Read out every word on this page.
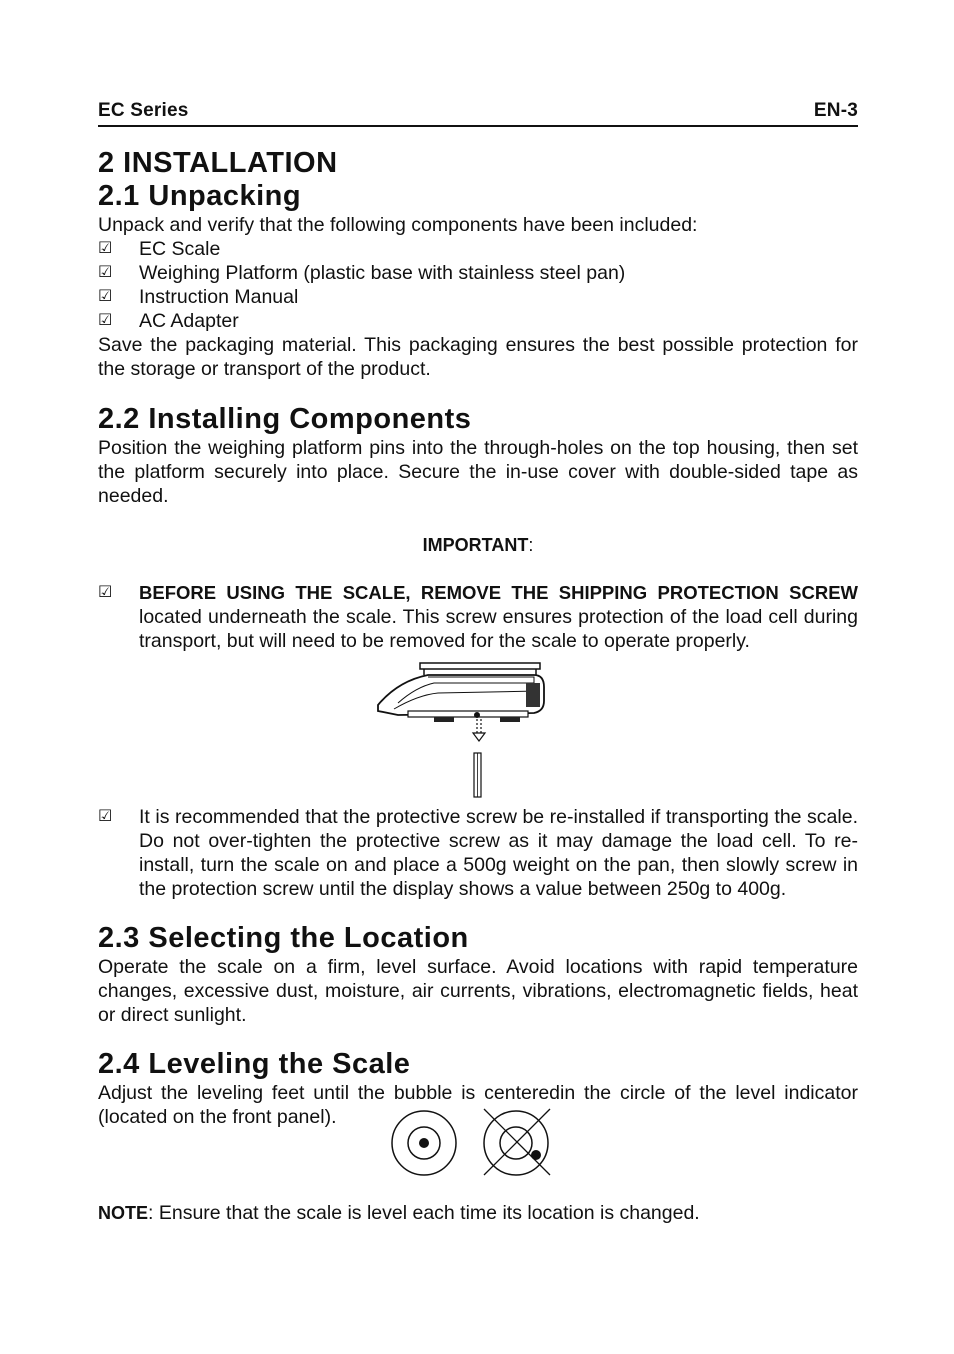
EC Series	EN-3
2 INSTALLATION
2.1 Unpacking

Unpack and verify that the following components have been included:

☑	EC Scale
☑	Weighing Platform (plastic base with stainless steel pan)
☑	Instruction Manual
☑	AC Adapter

Save the packaging material. This packaging ensures the best possible protection for the storage or transport of the product.

2.2 Installing Components

Position the weighing platform pins into the through-holes on the top housing, then set the platform securely into place. Secure the in-use cover with double-sided tape as needed.

IMPORTANT:
☑	BEFORE USING THE SCALE, REMOVE THE SHIPPING PROTECTION SCREW located underneath the scale. This screw ensures protection of the load cell during transport, but will need to be removed for the scale to operate properly.
☑	It is recommended that the protective screw be re-installed if transporting the scale. Do not over-tighten the protective screw as it may damage the load cell. To re-install, turn the scale on and place a 500g weight on the pan, then slowly screw in the protection screw until the display shows a value between 250g to 400g.
2.3 Selecting the Location

Operate the scale on a firm, level surface. Avoid locations with rapid temperature changes, excessive dust, moisture, air currents, vibrations, electromagnetic fields, heat or direct sunlight.

2.4 Leveling the Scale

Adjust the leveling feet until the bubble is centeredin the circle of the level indicator (located on the front panel).

NOTE: Ensure that the scale is level each time its location is changed.
